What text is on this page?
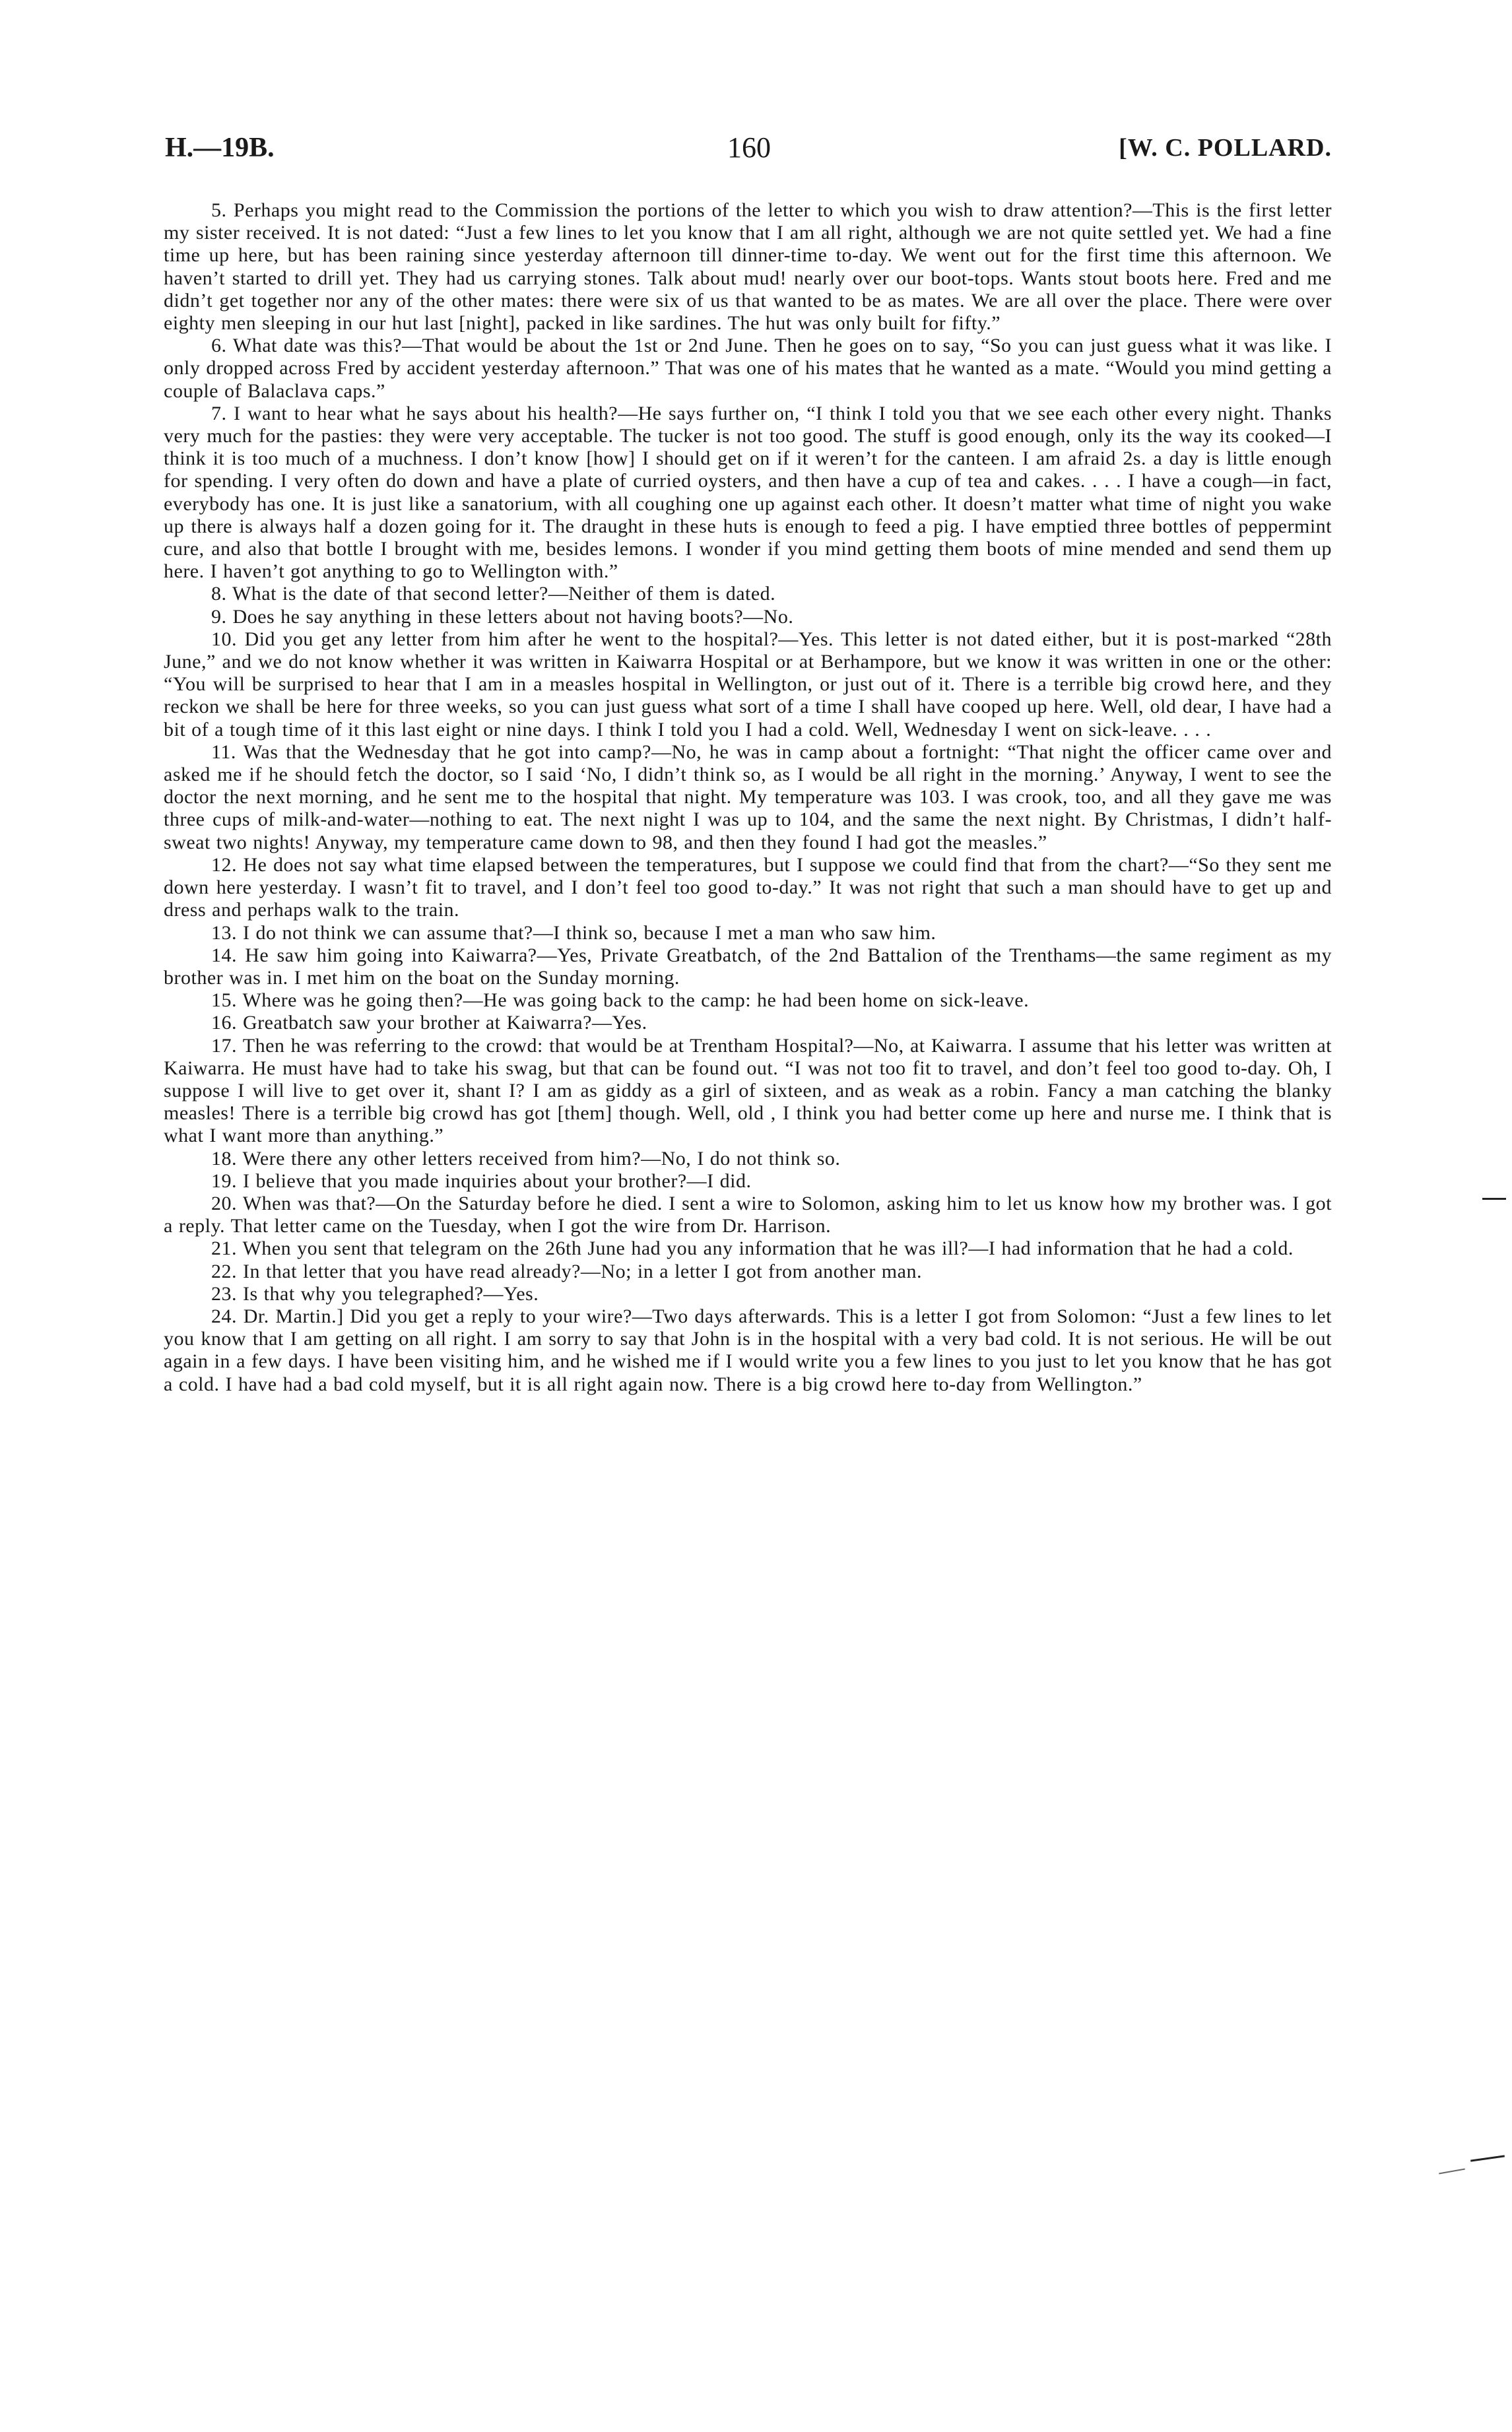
H.—19B.	160	[W. C. POLLARD.

5. Perhaps you might read to the Commission the portions of the letter to which you wish to draw attention?—This is the first letter my sister received. It is not dated: “Just a few lines to let you know that I am all right, although we are not quite settled yet. We had a fine time up here, but has been raining since yesterday afternoon till dinner-time to-day. We went out for the first time this afternoon. We haven’t started to drill yet. They had us carrying stones. Talk about mud! nearly over our boot-tops. Wants stout boots here. Fred and me didn’t get together nor any of the other mates: there were six of us that wanted to be as mates. We are all over the place. There were over eighty men sleeping in our hut last [night], packed in like sardines. The hut was only built for fifty.”

6. What date was this?—That would be about the 1st or 2nd June. Then he goes on to say, “So you can just guess what it was like. I only dropped across Fred by accident yesterday afternoon.” That was one of his mates that he wanted as a mate. “Would you mind getting a couple of Balaclava caps.”

7. I want to hear what he says about his health?—He says further on, “I think I told you that we see each other every night. Thanks very much for the pasties: they were very acceptable. The tucker is not too good. The stuff is good enough, only its the way its cooked—I think it is too much of a muchness. I don’t know [how] I should get on if it weren’t for the canteen. I am afraid 2s. a day is little enough for spending. I very often do down and have a plate of curried oysters, and then have a cup of tea and cakes. . . . I have a cough—in fact, everybody has one. It is just like a sanatorium, with all coughing one up against each other. It doesn’t matter what time of night you wake up there is always half a dozen going for it. The draught in these huts is enough to feed a pig. I have emptied three bottles of peppermint cure, and also that bottle I brought with me, besides lemons. I wonder if you mind getting them boots of mine mended and send them up here. I haven’t got anything to go to Wellington with.”

8. What is the date of that second letter?—Neither of them is dated.

9. Does he say anything in these letters about not having boots?—No.

10. Did you get any letter from him after he went to the hospital?—Yes. This letter is not dated either, but it is post-marked “28th June,” and we do not know whether it was written in Kaiwarra Hospital or at Berhampore, but we know it was written in one or the other: “You will be surprised to hear that I am in a measles hospital in Wellington, or just out of it. There is a terrible big crowd here, and they reckon we shall be here for three weeks, so you can just guess what sort of a time I shall have cooped up here. Well, old dear, I have had a bit of a tough time of it this last eight or nine days. I think I told you I had a cold. Well, Wednesday I went on sick-leave. . . .

11. Was that the Wednesday that he got into camp?—No, he was in camp about a fortnight: “That night the officer came over and asked me if he should fetch the doctor, so I said ‘No, I didn’t think so, as I would be all right in the morning.’ Anyway, I went to see the doctor the next morning, and he sent me to the hospital that night. My temperature was 103. I was crook, too, and all they gave me was three cups of milk-and-water—nothing to eat. The next night I was up to 104, and the same the next night. By Christmas, I didn’t half-sweat two nights! Anyway, my temperature came down to 98, and then they found I had got the measles.”

12. He does not say what time elapsed between the temperatures, but I suppose we could find that from the chart?—“So they sent me down here yesterday. I wasn’t fit to travel, and I don’t feel too good to-day.” It was not right that such a man should have to get up and dress and perhaps walk to the train.

13. I do not think we can assume that?—I think so, because I met a man who saw him.

14. He saw him going into Kaiwarra?—Yes, Private Greatbatch, of the 2nd Battalion of the Trenthams—the same regiment as my brother was in. I met him on the boat on the Sunday morning.

15. Where was he going then?—He was going back to the camp: he had been home on sick-leave.

16. Greatbatch saw your brother at Kaiwarra?—Yes.

17. Then he was referring to the crowd: that would be at Trentham Hospital?—No, at Kaiwarra. I assume that his letter was written at Kaiwarra. He must have had to take his swag, but that can be found out. “I was not too fit to travel, and don’t feel too good to-day. Oh, I suppose I will live to get over it, shant I? I am as giddy as a girl of sixteen, and as weak as a robin. Fancy a man catching the blanky measles! There is a terrible big crowd has got [them] though. Well, old , I think you had better come up here and nurse me. I think that is what I want more than anything.”

18. Were there any other letters received from him?—No, I do not think so.

19. I believe that you made inquiries about your brother?—I did.

20. When was that?—On the Saturday before he died. I sent a wire to Solomon, asking him to let us know how my brother was. I got a reply. That letter came on the Tuesday, when I got the wire from Dr. Harrison.

21. When you sent that telegram on the 26th June had you any information that he was ill?—I had information that he had a cold.

22. In that letter that you have read already?—No; in a letter I got from another man.

23. Is that why you telegraphed?—Yes.

24. Dr. Martin.] Did you get a reply to your wire?—Two days afterwards. This is a letter I got from Solomon: “Just a few lines to let you know that I am getting on all right. I am sorry to say that John is in the hospital with a very bad cold. It is not serious. He will be out again in a few days. I have been visiting him, and he wished me if I would write you a few lines to you just to let you know that he has got a cold. I have had a bad cold myself, but it is all right again now. There is a big crowd here to-day from Wellington.”
